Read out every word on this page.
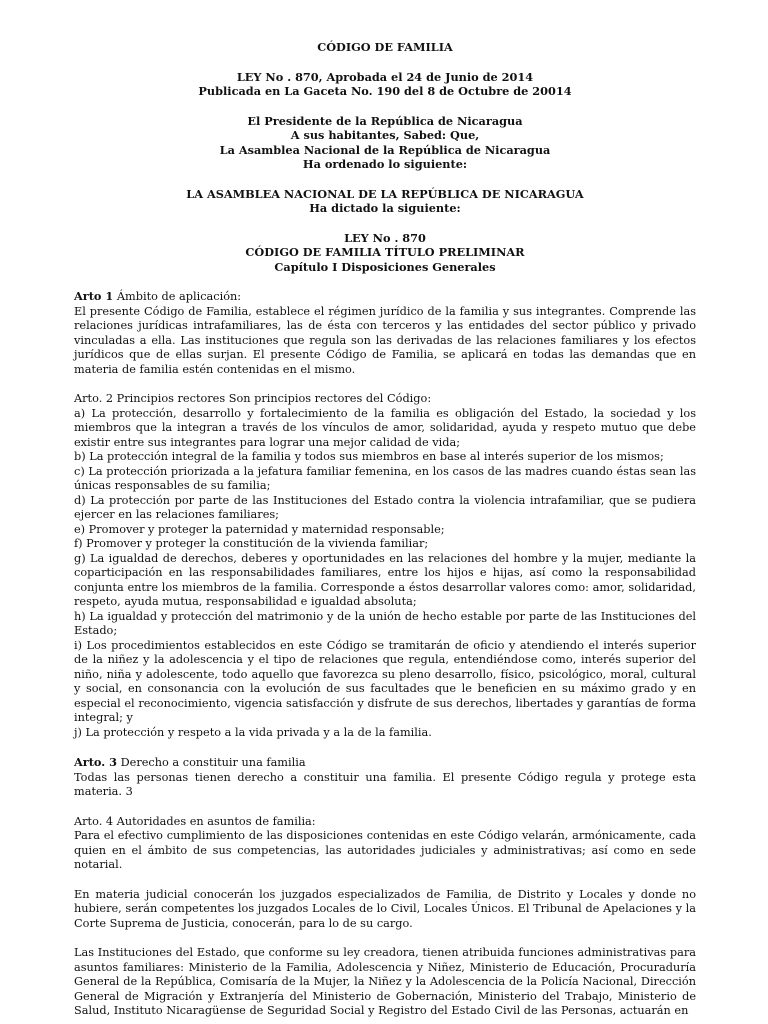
CÓDIGO DE FAMILIA

LEY No . 870, Aprobada el 24 de Junio de 2014

Publicada en La Gaceta No. 190 del 8 de Octubre de 20014

El Presidente de la República de Nicaragua

A sus habitantes, Sabed: Que,

La Asamblea Nacional de la República de Nicaragua

Ha ordenado lo siguiente:

LA ASAMBLEA NACIONAL DE LA REPÚBLICA DE NICARAGUA

Ha dictado la siguiente:

LEY No . 870

CÓDIGO DE FAMILIA TÍTULO PRELIMINAR

Capítulo I Disposiciones Generales

Arto 1 Ámbito de aplicación:

El presente Código de Familia, establece el régimen jurídico de la familia y sus integrantes. Comprende las relaciones jurídicas intrafamiliares, las de ésta con terceros y las entidades del sector público y privado vinculadas a ella. Las instituciones que regula son las derivadas de las relaciones familiares y los efectos jurídicos que de ellas surjan. El presente Código de Familia, se aplicará en todas las demandas que en materia de familia estén contenidas en el mismo.

Arto. 2 Principios rectores Son principios rectores del Código:

a) La protección, desarrollo y fortalecimiento de la familia es obligación del Estado, la sociedad y los miembros que la integran a través de los vínculos de amor, solidaridad, ayuda y respeto mutuo que debe existir entre sus integrantes para lograr una mejor calidad de vida;

b) La protección integral de la familia y todos sus miembros en base al interés superior de los mismos;

c) La protección priorizada a la jefatura familiar femenina, en los casos de las madres cuando éstas sean las únicas responsables de su familia;

d) La protección por parte de las Instituciones del Estado contra la violencia intrafamiliar, que se pudiera ejercer en las relaciones familiares;

e) Promover y proteger la paternidad y maternidad responsable;

f) Promover y proteger la constitución de la vivienda familiar;

g) La igualdad de derechos, deberes y oportunidades en las relaciones del hombre y la mujer, mediante la coparticipación en las responsabilidades familiares, entre los hijos e hijas, así como la responsabilidad conjunta entre los miembros de la familia. Corresponde a éstos desarrollar valores como: amor, solidaridad, respeto, ayuda mutua, responsabilidad e igualdad absoluta;

h) La igualdad y protección del matrimonio y de la unión de hecho estable por parte de las Instituciones del Estado;

i) Los procedimientos establecidos en este Código se tramitarán de oficio y atendiendo el interés superior de la niñez y la adolescencia y el tipo de relaciones que regula, entendiéndose como, interés superior del niño, niña y adolescente, todo aquello que favorezca su pleno desarrollo, físico, psicológico, moral, cultural y social, en consonancia con la evolución de sus facultades que le beneficien en su máximo grado y en especial el reconocimiento, vigencia satisfacción y disfrute de sus derechos, libertades y garantías de forma integral; y

j) La protección y respeto a la vida privada y a la de la familia.

Arto. 3 Derecho a constituir una familia

Todas las personas tienen derecho a constituir una familia. El presente Código regula y protege esta materia. 3

Arto. 4 Autoridades en asuntos de familia:

Para el efectivo cumplimiento de las disposiciones contenidas en este Código velarán, armónicamente, cada quien en el ámbito de sus competencias, las autoridades judiciales y administrativas; así como en sede notarial.

En materia judicial conocerán los juzgados especializados de Familia, de Distrito y Locales y donde no hubiere, serán competentes los juzgados Locales de lo Civil, Locales Únicos. El Tribunal de Apelaciones y la Corte Suprema de Justicia, conocerán, para lo de su cargo.

Las Instituciones del Estado, que conforme su ley creadora, tienen atribuida funciones administrativas para asuntos familiares: Ministerio de la Familia, Adolescencia y Niñez, Ministerio de Educación, Procuraduría General de la República, Comisaría de la Mujer, la Niñez y la Adolescencia de la Policía Nacional, Dirección General de Migración y Extranjería del Ministerio de Gobernación, Ministerio del Trabajo, Ministerio de Salud, Instituto Nicaragüense de Seguridad Social y Registro del Estado Civil de las Personas, actuarán en
